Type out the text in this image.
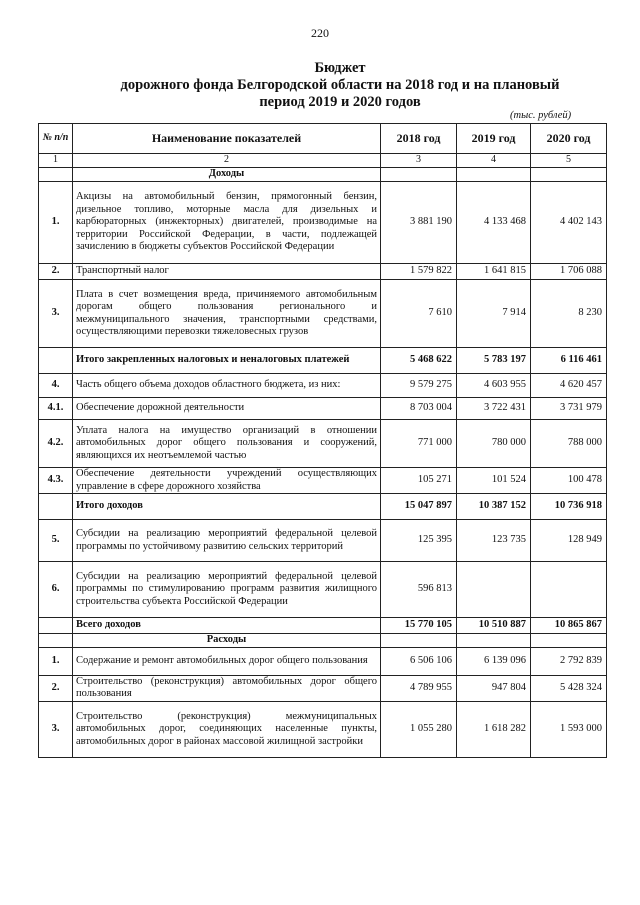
220
Бюджет
дорожного фонда Белгородской области на 2018 год и на плановый
период 2019 и 2020 годов
(тыс. рублей)
№ п/п	Наименование показателей	2018 год	2019 год	2020 год
1	2	3	4	5
	Доходы			
1.	Акцизы на автомобильный бензин, прямогонный бензин, дизельное топливо, моторные масла для дизельных и карбюраторных (инжекторных) двигателей, производимые на территории Российской Федерации, в части, подлежащей зачислению в бюджеты субъектов Российской Федерации	3 881 190	4 133 468	4 402 143
2.	Транспортный налог	1 579 822	1 641 815	1 706 088
3.	Плата в счет возмещения вреда, причиняемого автомобильным дорогам общего пользования регионального и межмуниципального значения, транспортными средствами, осуществляющими перевозки тяжеловесных грузов	7 610	7 914	8 230
	Итого закрепленных налоговых и неналоговых платежей	5 468 622	5 783 197	6 116 461
4.	Часть общего объема доходов областного бюджета, из них:	9 579 275	4 603 955	4 620 457
4.1.	Обеспечение дорожной деятельности	8 703 004	3 722 431	3 731 979
4.2.	Уплата налога на имущество организаций в отношении автомобильных дорог общего пользования и сооружений, являющихся их неотъемлемой частью	771 000	780 000	788 000
4.3.	Обеспечение деятельности учреждений осуществляющих управление в сфере дорожного хозяйства	105 271	101 524	100 478
	Итого доходов	15 047 897	10 387 152	10 736 918
5.	Субсидии на реализацию мероприятий федеральной целевой программы по устойчивому развитию сельских территорий	125 395	123 735	128 949
6.	Субсидии на реализацию мероприятий федеральной целевой программы по стимулированию программ развития жилищного строительства субъекта Российской Федерации	596 813		
	Всего доходов	15 770 105	10 510 887	10 865 867
	Расходы			
1.	Содержание и ремонт автомобильных дорог общего пользования	6 506 106	6 139 096	2 792 839
2.	Строительство (реконструкция) автомобильных дорог общего пользования	4 789 955	947 804	5 428 324
3.	Строительство (реконструкция) межмуниципальных автомобильных дорог, соединяющих населенные пункты, автомобильных дорог в районах массовой жилищной застройки	1 055 280	1 618 282	1 593 000
